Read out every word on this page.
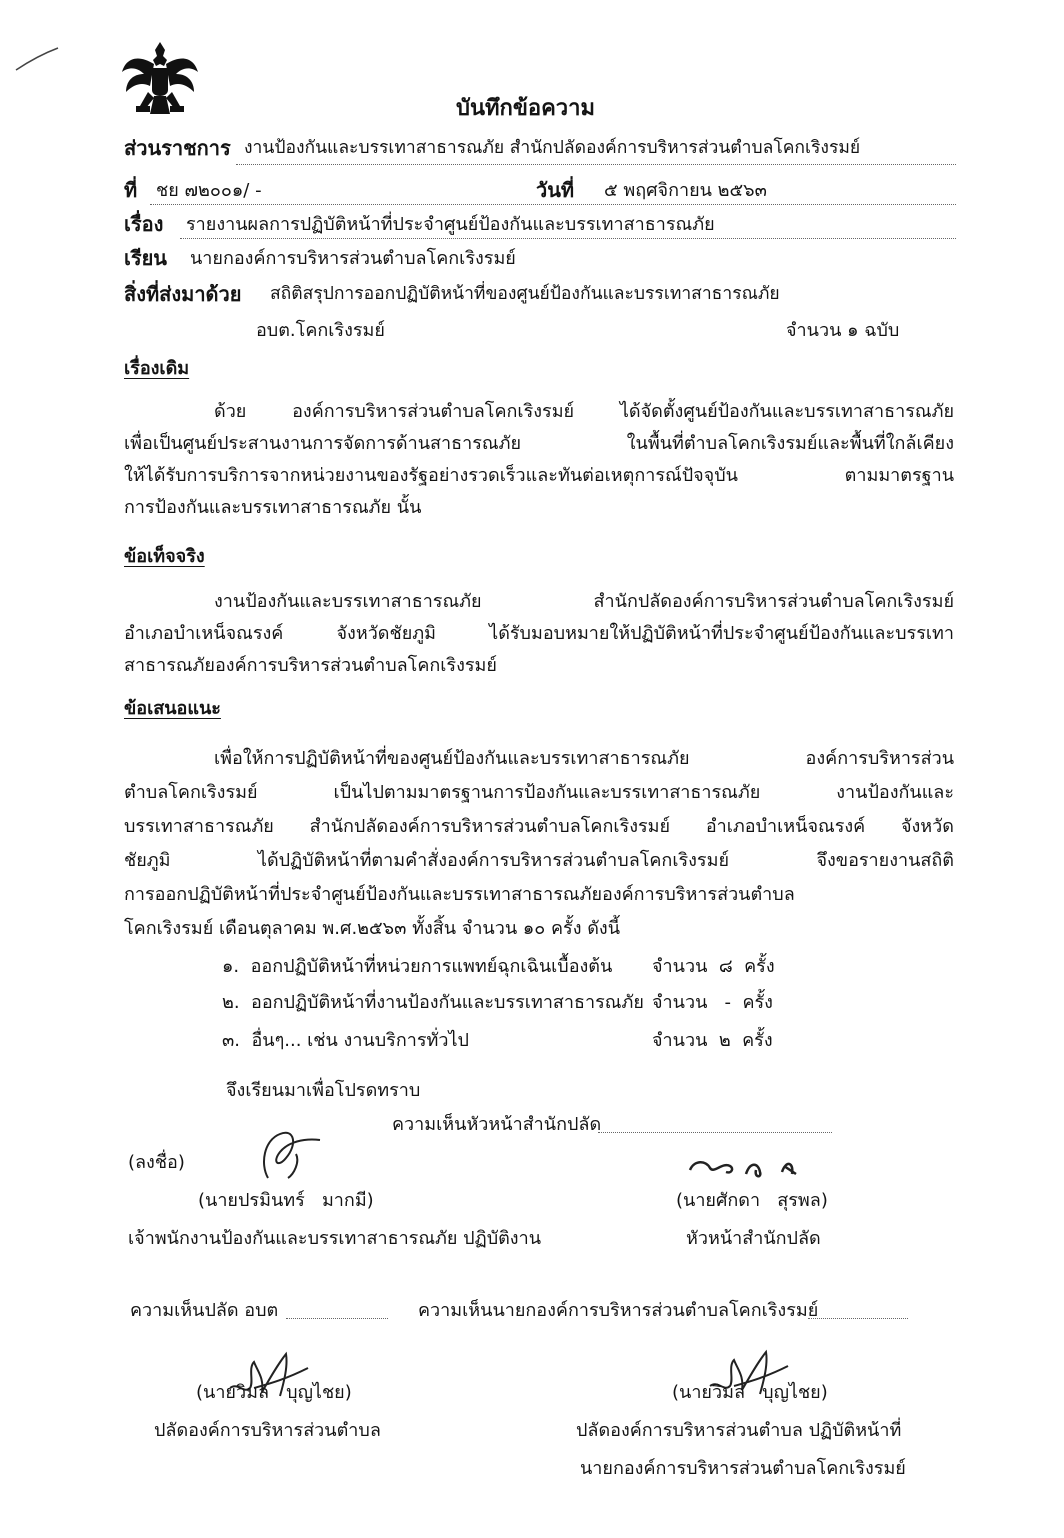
บันทึกข้อความ
ส่วนราชการ งานป้องกันและบรรเทาสาธารณภัย สำนักปลัดองค์การบริหารส่วนตำบลโคกเริงรมย์
ที่ ชย ๗๒๐๐๑/ -	วันที่ ๕ พฤศจิกายน ๒๕๖๓
เรื่อง รายงานผลการปฏิบัติหน้าที่ประจำศูนย์ป้องกันและบรรเทาสาธารณภัย
เรียน นายกองค์การบริหารส่วนตำบลโคกเริงรมย์
สิ่งที่ส่งมาด้วย สถิติสรุปการออกปฏิบัติหน้าที่ของศูนย์ป้องกันและบรรเทาสาธารณภัย
อบต.โคกเริงรมย์	จำนวน ๑ ฉบับ
เรื่องเดิม
ด้วย	องค์การบริหารส่วนตำบลโคกเริงรมย์	ได้จัดตั้งศูนย์ป้องกันและบรรเทาสาธารณภัย
เพื่อเป็นศูนย์ประสานงานการจัดการด้านสาธารณภัย	ในพื้นที่ตำบลโคกเริงรมย์และพื้นที่ใกล้เคียง
ให้ได้รับการบริการจากหน่วยงานของรัฐอย่างรวดเร็วและทันต่อเหตุการณ์ปัจจุบัน	ตามมาตรฐาน
การป้องกันและบรรเทาสาธารณภัย นั้น
ข้อเท็จจริง
งานป้องกันและบรรเทาสาธารณภัย	สำนักปลัดองค์การบริหารส่วนตำบลโคกเริงรมย์
อำเภอบำเหน็จณรงค์	จังหวัดชัยภูมิ	ได้รับมอบหมายให้ปฏิบัติหน้าที่ประจำศูนย์ป้องกันและบรรเทา
สาธารณภัยองค์การบริหารส่วนตำบลโคกเริงรมย์
ข้อเสนอแนะ
เพื่อให้การปฏิบัติหน้าที่ของศูนย์ป้องกันและบรรเทาสาธารณภัย	องค์การบริหารส่วน
ตำบลโคกเริงรมย์	เป็นไปตามมาตรฐานการป้องกันและบรรเทาสาธารณภัย	งานป้องกันและ
บรรเทาสาธารณภัย สำนักปลัดองค์การบริหารส่วนตำบลโคกเริงรมย์ อำเภอบำเหน็จณรงค์ จังหวัด
ชัยภูมิ	ได้ปฏิบัติหน้าที่ตามคำสั่งองค์การบริหารส่วนตำบลโคกเริงรมย์	จึงขอรายงานสถิติ
การออกปฏิบัติหน้าที่ประจำศูนย์ป้องกันและบรรเทาสาธารณภัยองค์การบริหารส่วนตำบล
โคกเริงรมย์ เดือนตุลาคม พ.ศ.๒๕๖๓ ทั้งสิ้น จำนวน ๑๐ ครั้ง ดังนี้
๑.  ออกปฏิบัติหน้าที่หน่วยการแพทย์ฉุกเฉินเบื้องต้น จำนวน  ๘  ครั้ง
๒.  ออกปฏิบัติหน้าที่งานป้องกันและบรรเทาสาธารณภัย จำนวน   -  ครั้ง
๓.  อื่นๆ... เช่น งานบริการทั่วไป	จำนวน  ๒  ครั้ง
จึงเรียนมาเพื่อโปรดทราบ
ความเห็นหัวหน้าสำนักปลัด
(ลงชื่อ)
(นายปรมินทร์   มากมี)
เจ้าพนักงานป้องกันและบรรเทาสาธารณภัย ปฏิบัติงาน
(นายศักดา   สุรพล)
หัวหน้าสำนักปลัด
ความเห็นปลัด อบต	ความเห็นนายกองค์การบริหารส่วนตำบลโคกเริงรมย์
(นายวิมล   บุญไชย)
ปลัดองค์การบริหารส่วนตำบล
(นายวิมล   บุญไชย)
ปลัดองค์การบริหารส่วนตำบล ปฏิบัติหน้าที่
นายกองค์การบริหารส่วนตำบลโคกเริงรมย์
